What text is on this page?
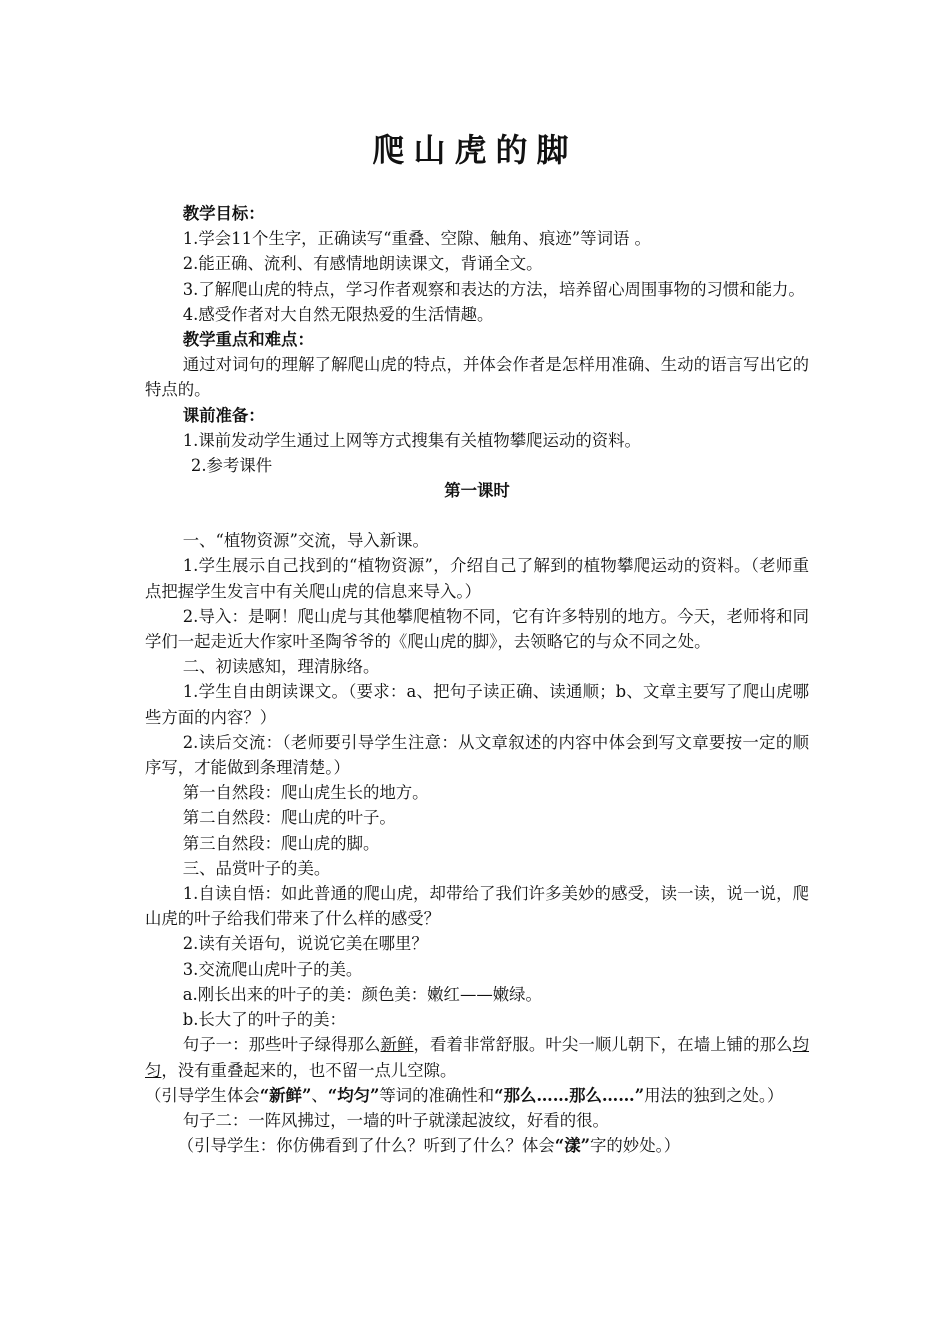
爬山虎的脚

教学目标：

1.学会11个生字，正确读写“重叠、空隙、触角、痕迹”等词语 。

2.能正确、流利、有感情地朗读课文，背诵全文。

3.了解爬山虎的特点，学习作者观察和表达的方法，培养留心周围事物的习惯和能力。

4.感受作者对大自然无限热爱的生活情趣。

教学重点和难点：

通过对词句的理解了解爬山虎的特点，并体会作者是怎样用准确、生动的语言写出它的特点的。

课前准备：

1.课前发动学生通过上网等方式搜集有关植物攀爬运动的资料。

2.参考课件

第一课时

一、“植物资源”交流，导入新课。

1.学生展示自己找到的“植物资源”，介绍自己了解到的植物攀爬运动的资料。（老师重点把握学生发言中有关爬山虎的信息来导入。）

2.导入：是啊！爬山虎与其他攀爬植物不同，它有许多特别的地方。今天，老师将和同学们一起走近大作家叶圣陶爷爷的《爬山虎的脚》，去领略它的与众不同之处。

二、初读感知，理清脉络。

1.学生自由朗读课文。（要求：a、把句子读正确、读通顺；b、文章主要写了爬山虎哪些方面的内容？）

2.读后交流：（老师要引导学生注意：从文章叙述的内容中体会到写文章要按一定的顺序写，才能做到条理清楚。）

第一自然段：爬山虎生长的地方。

第二自然段：爬山虎的叶子。

第三自然段：爬山虎的脚。

三、品赏叶子的美。

1.自读自悟：如此普通的爬山虎，却带给了我们许多美妙的感受，读一读，说一说，爬山虎的叶子给我们带来了什么样的感受？

2.读有关语句，说说它美在哪里？

3.交流爬山虎叶子的美。

a.刚长出来的叶子的美：颜色美：嫩红——嫩绿。

b.长大了的叶子的美：

句子一：那些叶子绿得那么新鲜，看着非常舒服。叶尖一顺儿朝下，在墙上铺的那么均匀，没有重叠起来的，也不留一点儿空隙。

（引导学生体会“新鲜”、“均匀”等词的准确性和“那么……那么……”用法的独到之处。）

句子二：一阵风拂过，一墙的叶子就漾起波纹，好看的很。

（引导学生：你仿佛看到了什么？听到了什么？体会“漾”字的妙处。）
